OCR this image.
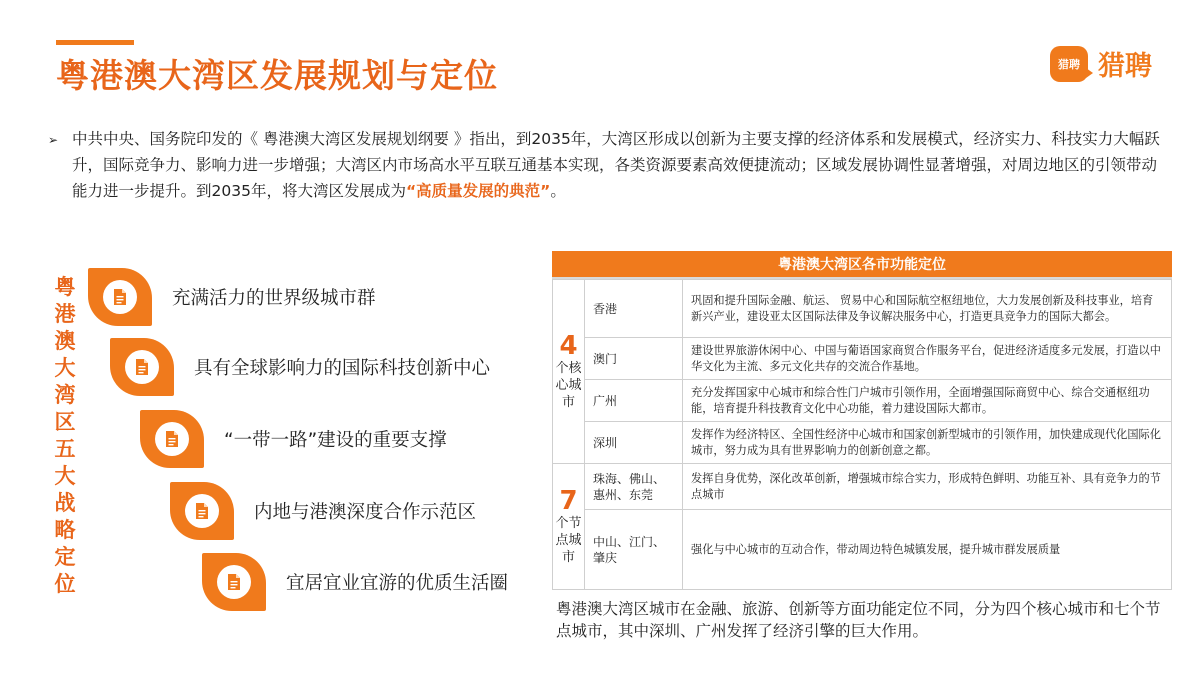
粤港澳大湾区发展规划与定位	猎聘 猎聘
➢ 中共中央、国务院印发的《 粤港澳大湾区发展规划纲要 》指出，到2035年，大湾区形成以创新为主要支撑的经济体系和发展模式，经济实力、科技实力大幅跃升，国际竞争力、影响力进一步增强；大湾区内市场高水平互联互通基本实现，各类资源要素高效便捷流动；区域发展协调性显著增强，对周边地区的引领带动能力进一步提升。到2035年，将大湾区发展成为“高质量发展的典范”。

粤港澳大湾区五大战略定位
充满活力的世界级城市群
具有全球影响力的国际科技创新中心
“一带一路”建设的重要支撑
内地与港澳深度合作示范区
宜居宜业宜游的优质生活圈
粤港澳大湾区各市功能定位
4
个核心城市	香港	巩固和提升国际金融、航运、 贸易中心和国际航空枢纽地位，大力发展创新及科技事业，培育新兴产业，建设亚太区国际法律及争议解决服务中心，打造更具竞争力的国际大都会。
	澳门	建设世界旅游休闲中心、中国与葡语国家商贸合作服务平台，促进经济适度多元发展，打造以中华文化为主流、多元文化共存的交流合作基地。
	广州	充分发挥国家中心城市和综合性门户城市引领作用，全面增强国际商贸中心、综合交通枢纽功能，培育提升科技教育文化中心功能，着力建设国际大都市。
	深圳	发挥作为经济特区、全国性经济中心城市和国家创新型城市的引领作用，加快建成现代化国际化城市，努力成为具有世界影响力的创新创意之都。

7
个节点城市	珠海、佛山、惠州、东莞	发挥自身优势，深化改革创新，增强城市综合实力，形成特色鲜明、功能互补、具有竞争力的节点城市
	中山、江门、肇庆	强化与中心城市的互动合作，带动周边特色城镇发展，提升城市群发展质量
粤港澳大湾区城市在金融、旅游、创新等方面功能定位不同，分为四个核心城市和七个节点城市，其中深圳、广州发挥了经济引擎的巨大作用。
